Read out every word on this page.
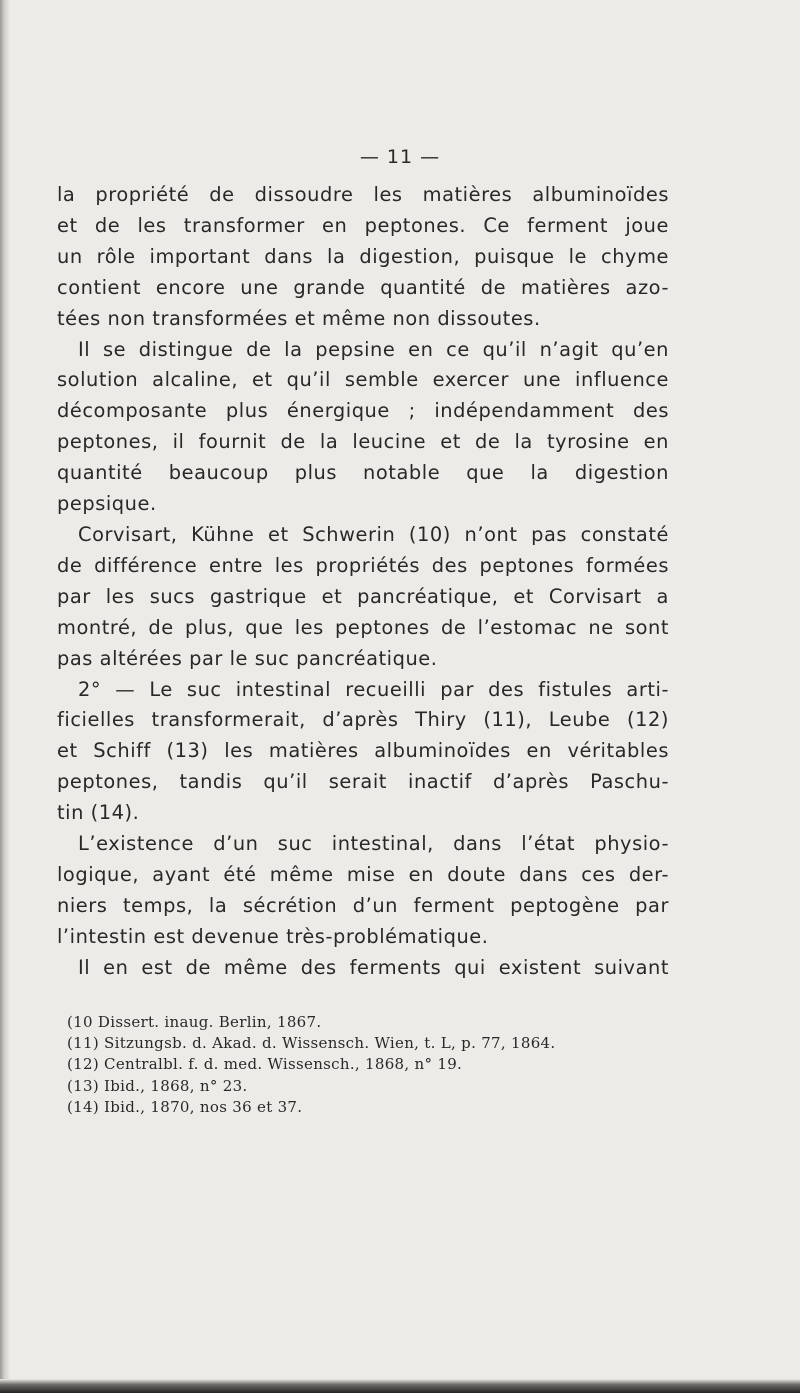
— 11 —
la propriété de dissoudre les matières albuminoïdes
et de les transformer en peptones. Ce ferment joue
un rôle important dans la digestion, puisque le chyme
contient encore une grande quantité de matières azo-
tées non transformées et même non dissoutes.
Il se distingue de la pepsine en ce qu’il n’agit qu’en
solution alcaline, et qu’il semble exercer une influence
décomposante plus énergique ; indépendamment des
peptones, il fournit de la leucine et de la tyrosine en
quantité beaucoup plus notable que la digestion
pepsique.
Corvisart, Kühne et Schwerin (10) n’ont pas constaté
de différence entre les propriétés des peptones formées
par les sucs gastrique et pancréatique, et Corvisart a
montré, de plus, que les peptones de l’estomac ne sont
pas altérées par le suc pancréatique.
2° — Le suc intestinal recueilli par des fistules arti-
ficielles transformerait, d’après Thiry (11), Leube (12)
et Schiff (13) les matières albuminoïdes en véritables
peptones, tandis qu’il serait inactif d’après Paschu-
tin (14).
L’existence d’un suc intestinal, dans l’état physio-
logique, ayant été même mise en doute dans ces der-
niers temps, la sécrétion d’un ferment peptogène par
l’intestin est devenue très-problématique.
Il en est de même des ferments qui existent suivant
(10 Dissert. inaug. Berlin, 1867.
(11) Sitzungsb. d. Akad. d. Wissensch. Wien, t. L, p. 77, 1864.
(12) Centralbl. f. d. med. Wissensch., 1868, n° 19.
(13) Ibid., 1868, n° 23.
(14) Ibid., 1870, nos 36 et 37.
